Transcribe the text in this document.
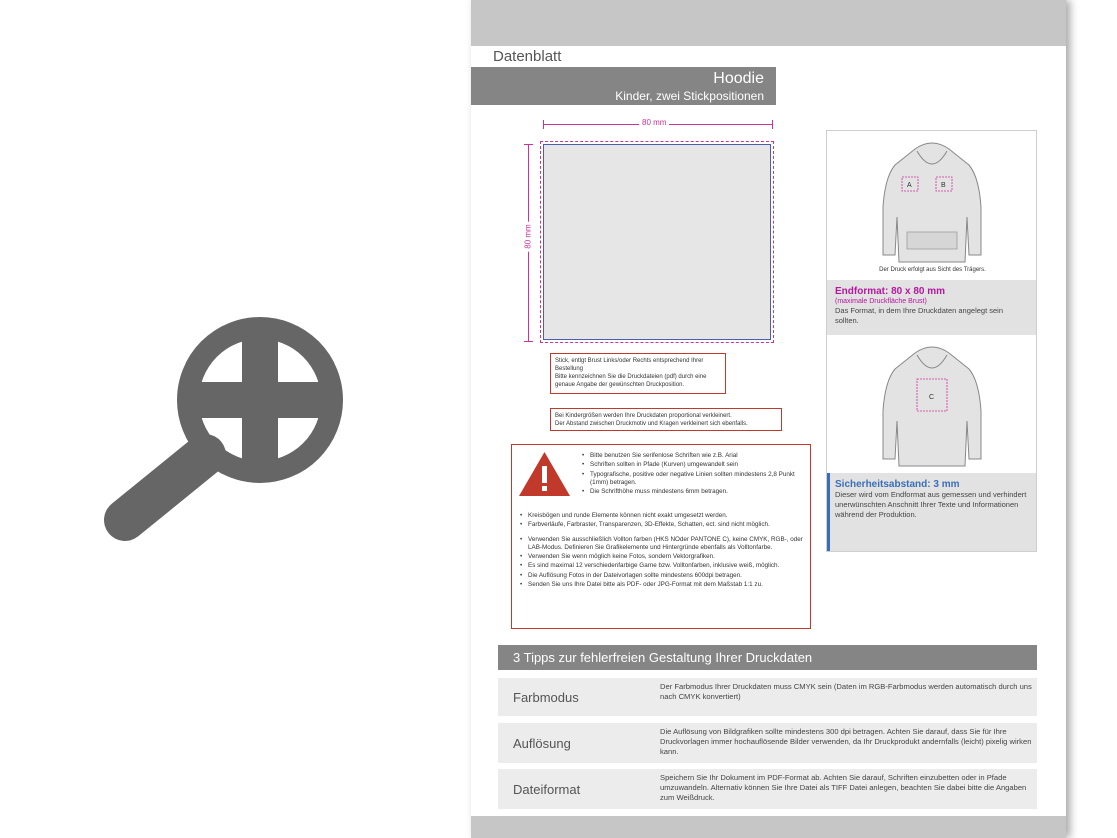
Datenblatt
Hoodie
Kinder, zwei Stickpositionen
80 mm
80 mm
Stick, entlgt Brust Links/oder Rechts entsprechend Ihrer Bestellung
Bitte kennzeichnen Sie die Druckdateien (pdf) durch eine genaue Angabe der gewünschten Druckposition.
Bei Kindergrößen werden Ihre Druckdaten proportional verkleinert.
Der Abstand zwischen Druckmotiv und Kragen verkleinert sich ebenfalls.
• Bitte benutzen Sie serifenlose Schriften wie z.B. Arial
• Schriften sollten in Pfade (Kurven) umgewandelt sein
• Typografische, positive oder negative Linien sollten mindestens 2,8 Punkt (1mm) betragen.
• Die Schrifthöhe muss mindestens 6mm betragen.
• Kreisbögen und runde Elemente können nicht exakt umgesetzt werden.
• Farbverläufe, Farbraster, Transparenzen, 3D-Effekte, Schatten, ect. sind nicht möglich.
• Verwenden Sie ausschließlich Vollton farben (HKS NOder PANTONE C), keine CMYK, RGB-, oder LAB-Modus. Definieren Sie Grafikelemente und Hintergründe ebenfalls als Volltonfarbe.
• Verwenden Sie wenn möglich keine Fotos, sondern Vektorgrafiken.
• Es sind maximal 12 verschiedenfarbige Garne bzw. Volltonfarben, inklusive weiß, möglich.
• Die Auflösung Fotos in der Dateivorlagen sollte mindestens 600dpi betragen.
• Senden Sie uns Ihre Datei bitte als PDF- oder JPG-Format mit dem Maßstab 1:1 zu.
A	B
Der Druck erfolgt aus Sicht des Trägers.
Endformat: 80 x 80 mm
(maximale Druckfläche Brust)
Das Format, in dem Ihre Druckdaten angelegt sein sollten.
C
Sicherheitsabstand: 3 mm
Dieser wird vom Endformat aus gemessen und verhindert unerwünschten Anschnitt Ihrer Texte und Informationen während der Produktion.
3 Tipps zur fehlerfreien Gestaltung Ihrer Druckdaten
Farbmodus
Der Farbmodus Ihrer Druckdaten muss CMYK sein (Daten im RGB-Farbmodus werden automatisch durch uns nach CMYK konvertiert)
Auflösung
Die Auflösung von Bildgrafiken sollte mindestens 300 dpi betragen. Achten Sie darauf, dass Sie für Ihre Druckvorlagen immer hochauflösende Bilder verwenden, da Ihr Druckprodukt andernfalls (leicht) pixelig wirken kann.
Dateiformat
Speichern Sie Ihr Dokument im PDF-Format ab. Achten Sie darauf, Schriften einzubetten oder in Pfade umzuwandeln. Alternativ können Sie Ihre Datei als TIFF Datei anlegen, beachten Sie dabei bitte die Angaben zum Weißdruck.
